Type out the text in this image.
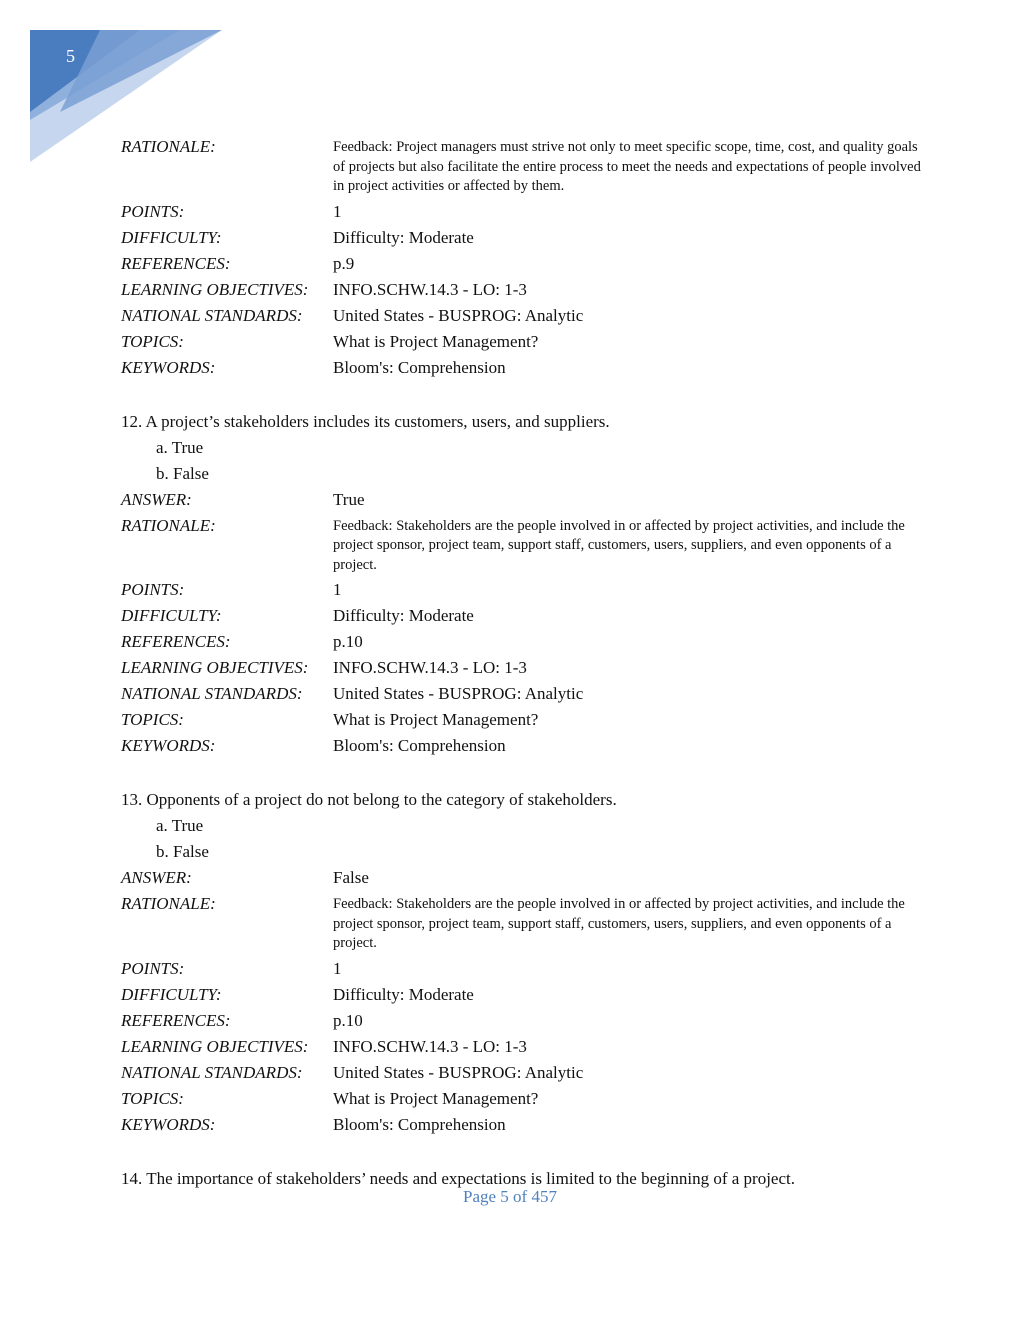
5
RATIONALE:	Feedback: Project managers must strive not only to meet specific scope, time, cost, and quality goals of projects but also facilitate the entire process to meet the needs and expectations of people involved in project activities or affected by them.
POINTS:	1
DIFFICULTY:	Difficulty: Moderate
REFERENCES:	p.9
LEARNING OBJECTIVES:	INFO.SCHW.14.3 - LO: 1-3
NATIONAL STANDARDS:	United States - BUSPROG: Analytic
TOPICS:	What is Project Management?
KEYWORDS:	Bloom's: Comprehension
12. A project’s stakeholders includes its customers, users, and suppliers.
a. True
b. False
ANSWER:	True
RATIONALE:	Feedback: Stakeholders are the people involved in or affected by project activities, and include the project sponsor, project team, support staff, customers, users, suppliers, and even opponents of a project.
POINTS:	1
DIFFICULTY:	Difficulty: Moderate
REFERENCES:	p.10
LEARNING OBJECTIVES:	INFO.SCHW.14.3 - LO: 1-3
NATIONAL STANDARDS:	United States - BUSPROG: Analytic
TOPICS:	What is Project Management?
KEYWORDS:	Bloom's: Comprehension
13. Opponents of a project do not belong to the category of stakeholders.
a. True
b. False
ANSWER:	False
RATIONALE:	Feedback: Stakeholders are the people involved in or affected by project activities, and include the project sponsor, project team, support staff, customers, users, suppliers, and even opponents of a project.
POINTS:	1
DIFFICULTY:	Difficulty: Moderate
REFERENCES:	p.10
LEARNING OBJECTIVES:	INFO.SCHW.14.3 - LO: 1-3
NATIONAL STANDARDS:	United States - BUSPROG: Analytic
TOPICS:	What is Project Management?
KEYWORDS:	Bloom's: Comprehension
14. The importance of stakeholders’ needs and expectations is limited to the beginning of a project.
Page 5 of 457
